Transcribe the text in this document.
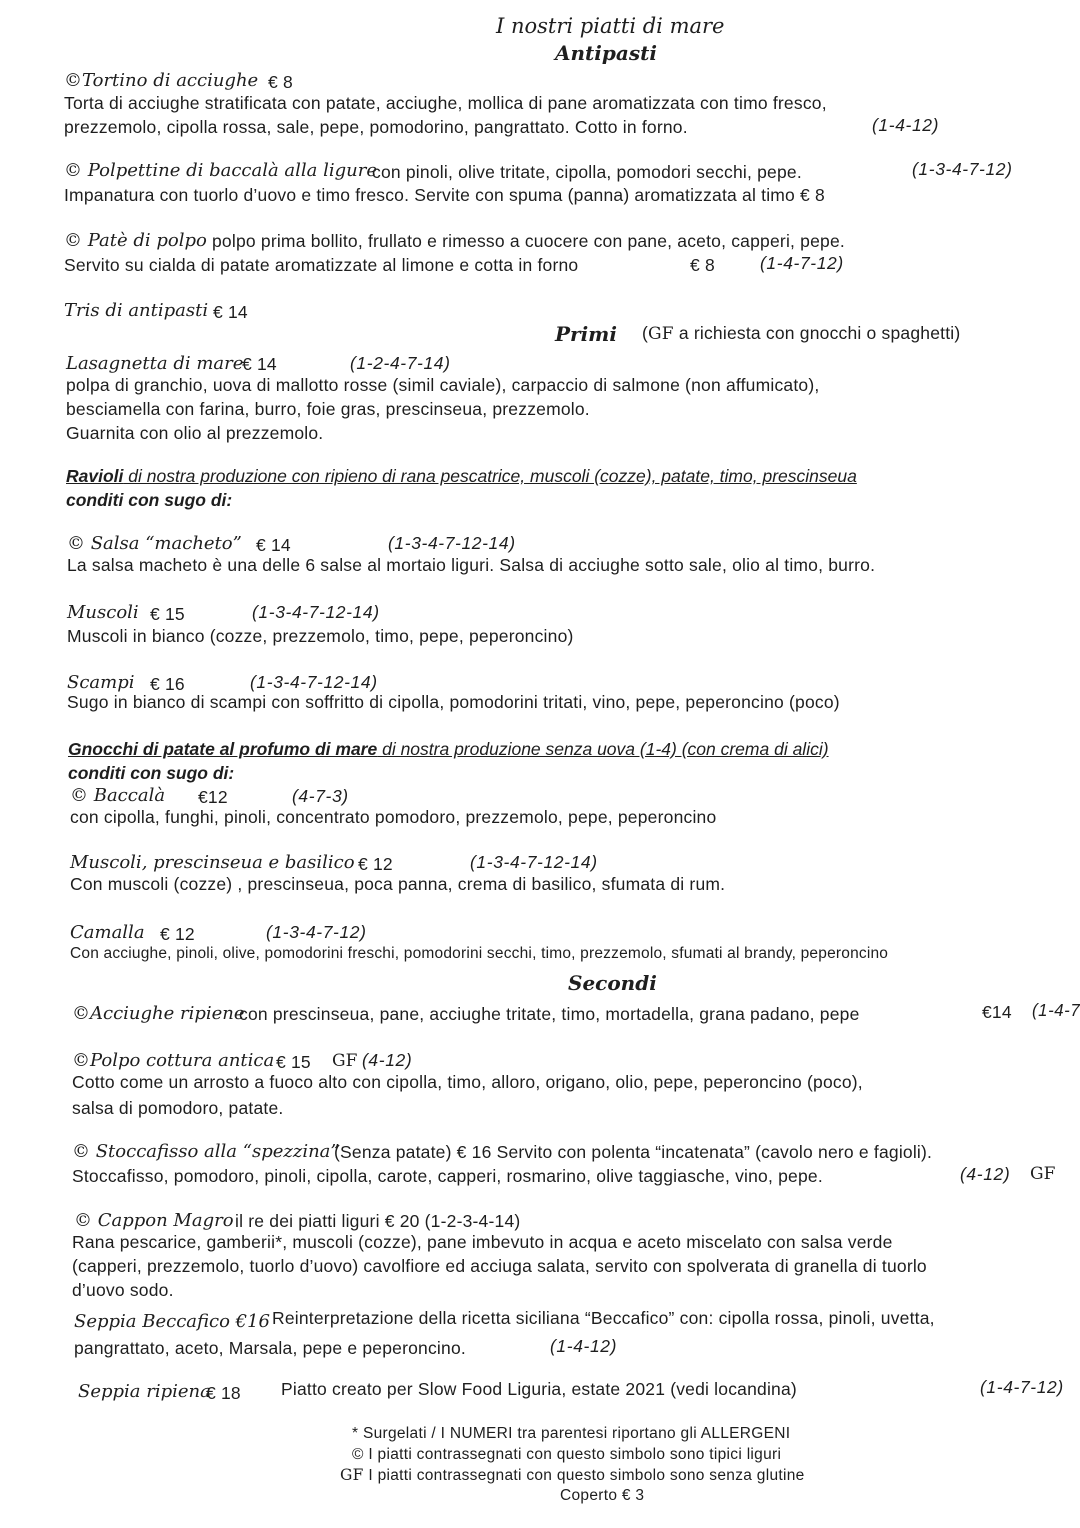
I nostri piatti di mare
Antipasti
©Tortino di acciughe € 8
Torta di acciughe stratificata con patate, acciughe, mollica di pane aromatizzata con timo fresco,
prezzemolo, cipolla rossa, sale, pepe, pomodorino, pangrattato. Cotto in forno.	(1-4-12)
© Polpettine di baccalà alla ligure
con pinoli, olive tritate, cipolla, pomodori secchi, pepe.	(1-3-4-7-12)
Impanatura con tuorlo d’uovo e timo fresco. Servite con spuma (panna) aromatizzata al timo € 8
© Patè di polpo polpo prima bollito, frullato e rimesso a cuocere con pane, aceto, capperi, pepe.
Servito su cialda di patate aromatizzate al limone e cotta in forno	€ 8	(1-4-7-12)
Tris di antipasti € 14
Primi (GF a richiesta con gnocchi o spaghetti)
Lasagnetta di mare
€ 14	(1-2-4-7-14)
polpa di granchio, uova di mallotto rosse (simil caviale), carpaccio di salmone (non affumicato),
besciamella con farina, burro, foie gras, prescinseua, prezzemolo.
Guarnita con olio al prezzemolo.
Ravioli di nostra produzione con ripieno di rana pescatrice, muscoli (cozze), patate, timo, prescinseua
conditi con sugo di:
© Salsa “macheto” € 14	(1-3-4-7-12-14)
La salsa macheto è una delle 6 salse al mortaio liguri. Salsa di acciughe sotto sale, olio al timo, burro.
Muscoli € 15	(1-3-4-7-12-14)
Muscoli in bianco (cozze, prezzemolo, timo, pepe, peperoncino)
Scampi € 16	(1-3-4-7-12-14)
Sugo in bianco di scampi con soffritto di cipolla, pomodorini tritati, vino, pepe, peperoncino (poco)
Gnocchi di patate al profumo di mare di nostra produzione senza uova (1-4) (con crema di alici)
conditi con sugo di:
© Baccalà €12	(4-7-3)
con cipolla, funghi, pinoli, concentrato pomodoro, prezzemolo, pepe, peperoncino
Muscoli, prescinseua e basilico € 12	(1-3-4-7-12-14)
Con muscoli (cozze) , prescinseua, poca panna, crema di basilico, sfumata di rum.
Camalla € 12	(1-3-4-7-12)
Con acciughe, pinoli, olive, pomodorini freschi, pomodorini secchi, timo, prezzemolo, sfumati al brandy, peperoncino
Secondi
©Acciughe ripiene
con prescinseua, pane, acciughe tritate, timo, mortadella, grana padano, pepe	€14 (1-4-7
©Polpo cottura antica € 15 GF (4-12)
Cotto come un arrosto a fuoco alto con cipolla, timo, alloro, origano, olio, pepe, peperoncino (poco),
salsa di pomodoro, patate.
© Stoccafisso alla “spezzina”
(Senza patate) € 16 Servito con polenta “incatenata” (cavolo nero e fagioli).
Stoccafisso, pomodoro, pinoli, cipolla, carote, capperi, rosmarino, olive taggiasche, vino, pepe.	(4-12) GF
© Cappon Magro il re dei piatti liguri € 20 (1-2-3-4-14)
Rana pescarice, gamberii*, muscoli (cozze), pane imbevuto in acqua e aceto miscelato con salsa verde
(capperi, prezzemolo, tuorlo d’uovo) cavolfiore ed acciuga salata, servito con spolverata di granella di tuorlo
d’uovo sodo.
Seppia Beccafico €16 Reinterpretazione della ricetta siciliana “Beccafico” con: cipolla rossa, pinoli, uvetta,
pangrattato, aceto, Marsala, pepe e peperoncino.	(1-4-12)
Seppia ripiena
€ 18 Piatto creato per Slow Food Liguria, estate 2021 (vedi locandina)	(1-4-7-12)
* Surgelati / I NUMERI tra parentesi riportano gli ALLERGENI
© I piatti contrassegnati con questo simbolo sono tipici liguri
GF I piatti contrassegnati con questo simbolo sono senza glutine
Coperto € 3
